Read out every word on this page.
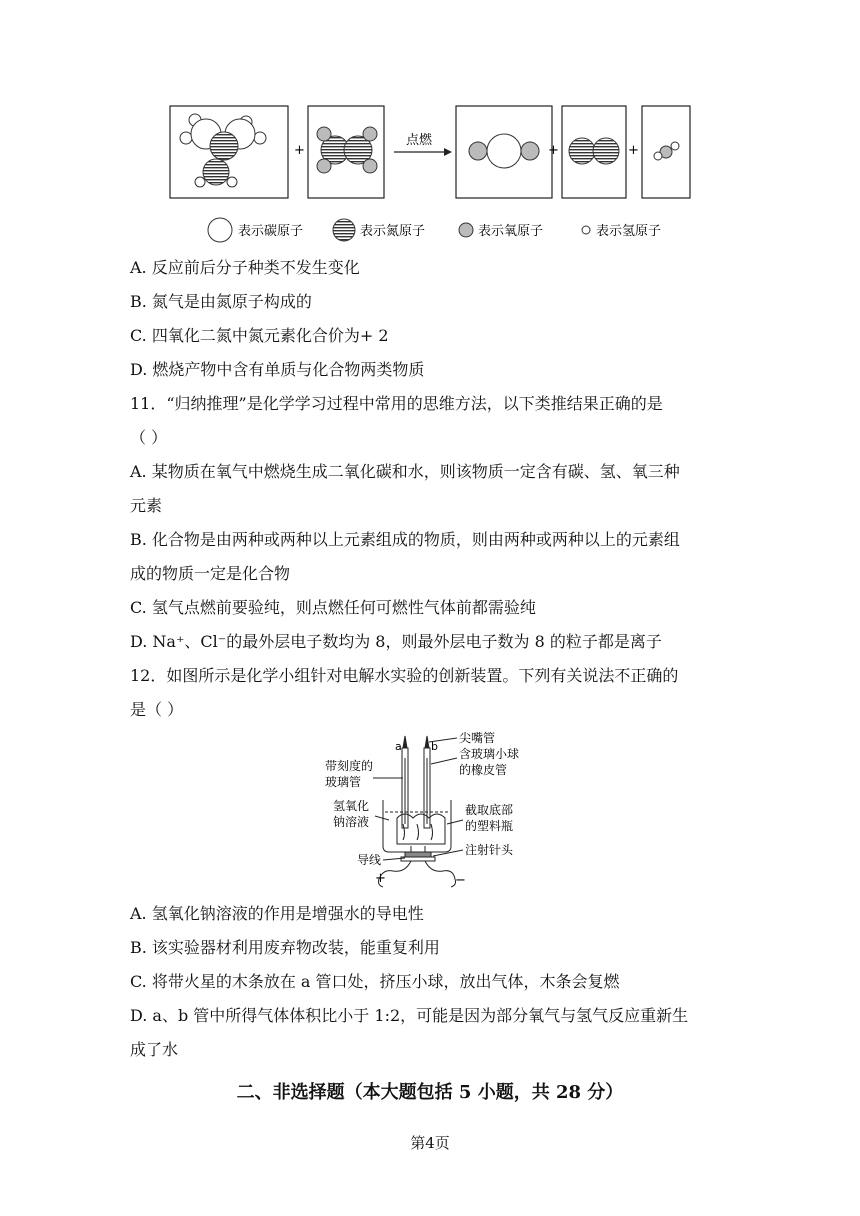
+
点燃
+	+
表示碳原子	表示氮原子	表示氧原子	表示氢原子
A. 反应前后分子种类不发生变化
B. 氮气是由氮原子构成的
C. 四氧化二氮中氮元素化合价为+ 2
D. 燃烧产物中含有单质与化合物两类物质
11．“归纳推理”是化学学习过程中常用的思维方法，以下类推结果正确的是
（ ）
A. 某物质在氧气中燃烧生成二氧化碳和水，则该物质一定含有碳、氢、氧三种
元素
B. 化合物是由两种或两种以上元素组成的物质，则由两种或两种以上的元素组
成的物质一定是化合物
C. 氢气点燃前要验纯，则点燃任何可燃性气体前都需验纯
D. Na⁺、Cl⁻的最外层电子数均为 8，则最外层电子数为 8 的粒子都是离子
12．如图所示是化学小组针对电解水实验的创新装置。下列有关说法不正确的
是（ ）
a	b
尖嘴管
含玻璃小球
的橡皮管
带刻度的
玻璃管
氢氧化
钠溶液
截取底部
的塑料瓶
注射针头
导线
+	−
A. 氢氧化钠溶液的作用是增强水的导电性
B. 该实验器材利用废弃物改装，能重复利用
C. 将带火星的木条放在 a 管口处，挤压小球，放出气体，木条会复燃
D. a、b 管中所得气体体积比小于 1:2，可能是因为部分氧气与氢气反应重新生
成了水
二、非选择题（本大题包括 5 小题，共 28 分）
第4页
